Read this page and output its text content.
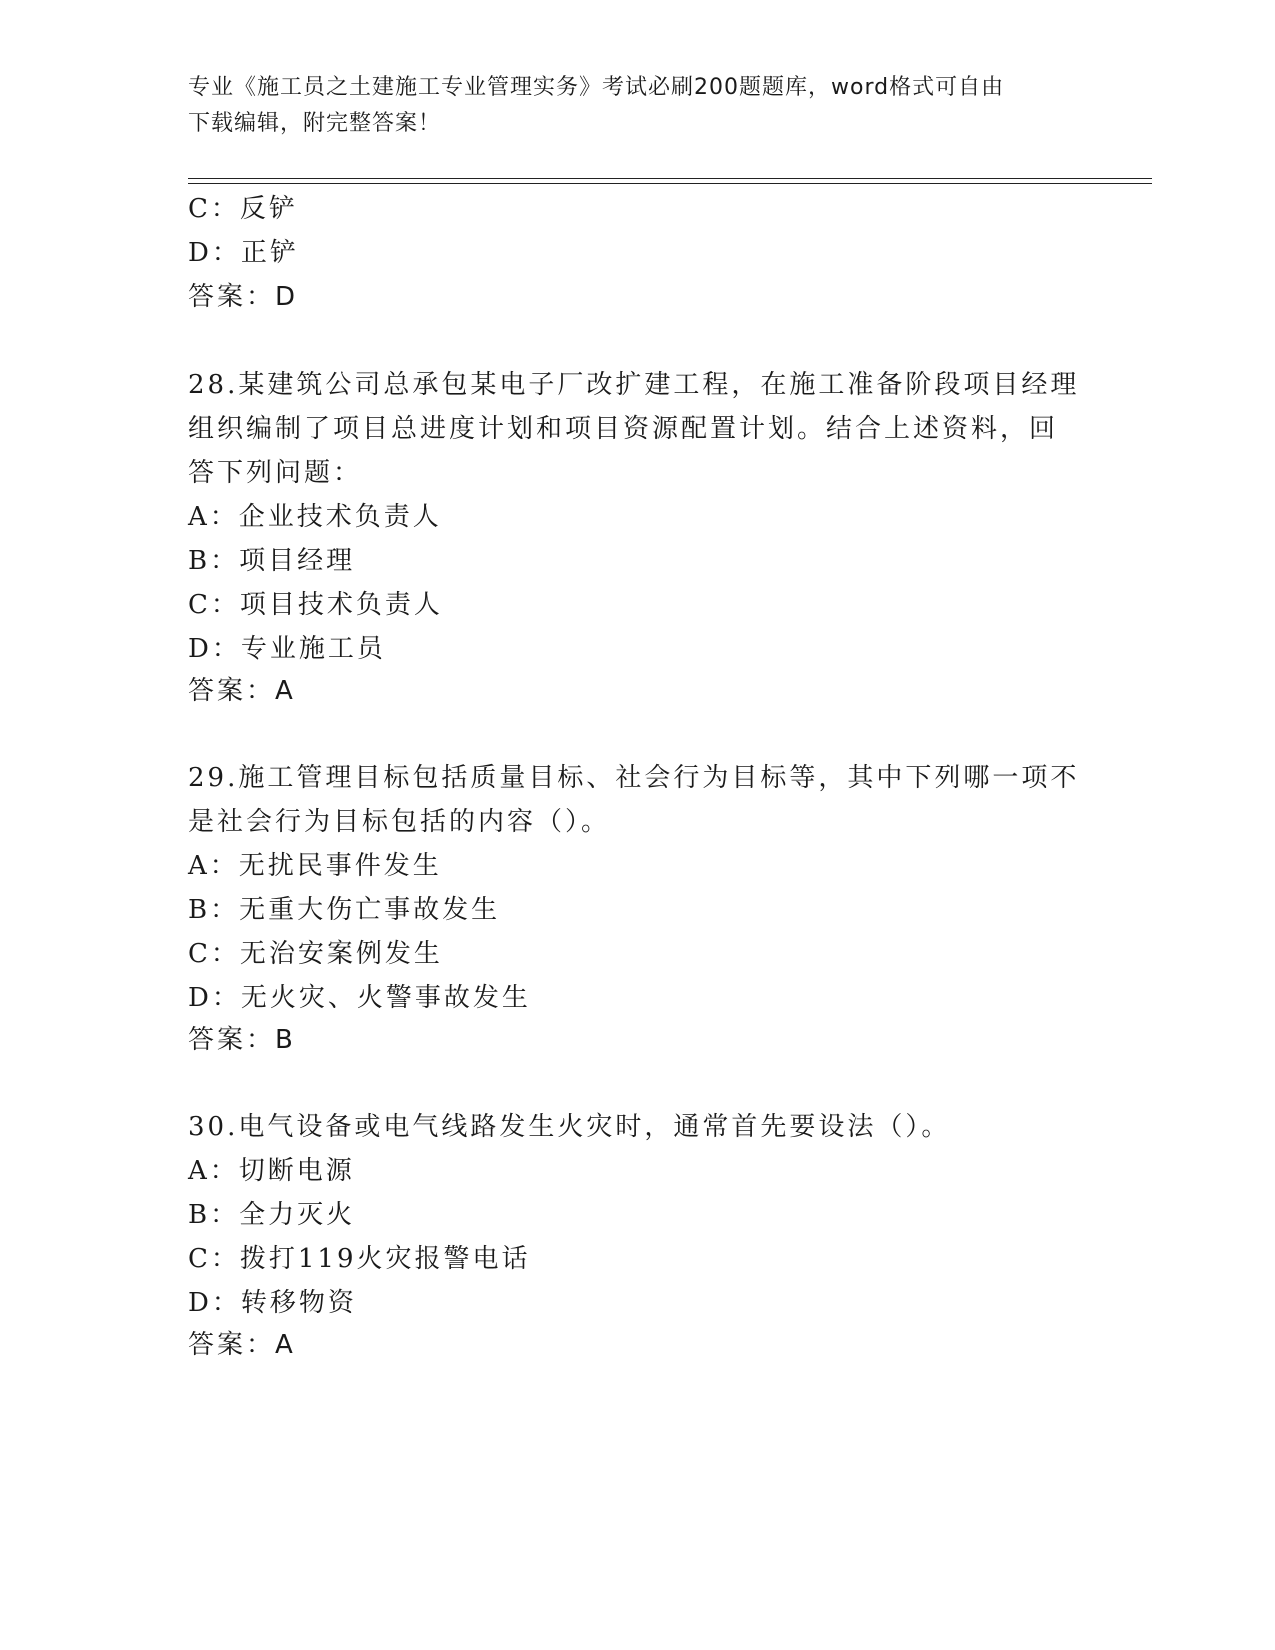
专业《施工员之土建施工专业管理实务》考试必刷200题题库，word格式可自由
下载编辑，附完整答案！
C：反铲
D：正铲
答案：D
28.某建筑公司总承包某电子厂改扩建工程，在施工准备阶段项目经理
组织编制了项目总进度计划和项目资源配置计划。结合上述资料，回
答下列问题：
A：企业技术负责人
B：项目经理
C：项目技术负责人
D：专业施工员
答案：A
29.施工管理目标包括质量目标、社会行为目标等，其中下列哪一项不
是社会行为目标包括的内容（）。
A：无扰民事件发生
B：无重大伤亡事故发生
C：无治安案例发生
D：无火灾、火警事故发生
答案：B
30.电气设备或电气线路发生火灾时，通常首先要设法（）。
A：切断电源
B：全力灭火
C：拨打119火灾报警电话
D：转移物资
答案：A
